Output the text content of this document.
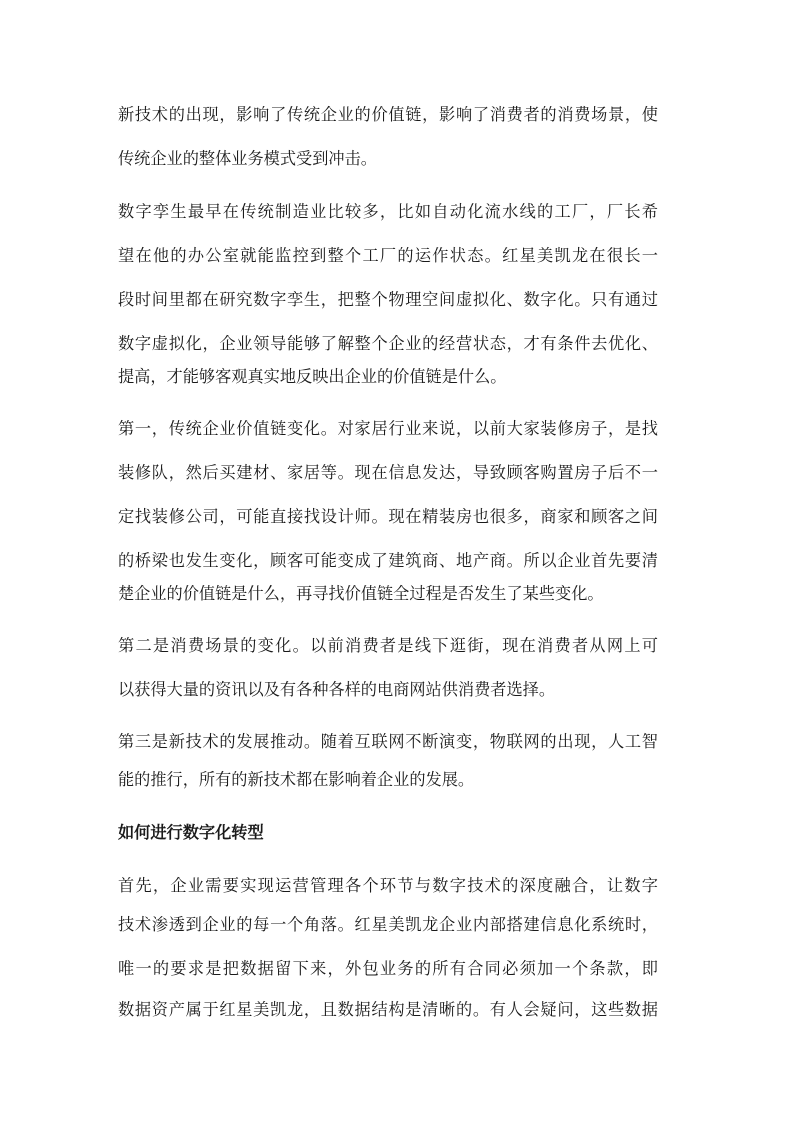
新技术的出现，影响了传统企业的价值链，影响了消费者的消费场景，使
传统企业的整体业务模式受到冲击。
数字孪生最早在传统制造业比较多，比如自动化流水线的工厂，厂长希
望在他的办公室就能监控到整个工厂的运作状态。红星美凯龙在很长一
段时间里都在研究数字孪生，把整个物理空间虚拟化、数字化。只有通过
数字虚拟化，企业领导能够了解整个企业的经营状态，才有条件去优化、
提高，才能够客观真实地反映出企业的价值链是什么。
第一，传统企业价值链变化。对家居行业来说，以前大家装修房子，是找
装修队，然后买建材、家居等。现在信息发达，导致顾客购置房子后不一
定找装修公司，可能直接找设计师。现在精装房也很多，商家和顾客之间
的桥梁也发生变化，顾客可能变成了建筑商、地产商。所以企业首先要清
楚企业的价值链是什么，再寻找价值链全过程是否发生了某些变化。
第二是消费场景的变化。以前消费者是线下逛街，现在消费者从网上可
以获得大量的资讯以及有各种各样的电商网站供消费者选择。
第三是新技术的发展推动。随着互联网不断演变，物联网的出现，人工智
能的推行，所有的新技术都在影响着企业的发展。
如何进行数字化转型
首先，企业需要实现运营管理各个环节与数字技术的深度融合，让数字
技术渗透到企业的每一个角落。红星美凯龙企业内部搭建信息化系统时，
唯一的要求是把数据留下来，外包业务的所有合同必须加一个条款，即
数据资产属于红星美凯龙，且数据结构是清晰的。有人会疑问，这些数据
